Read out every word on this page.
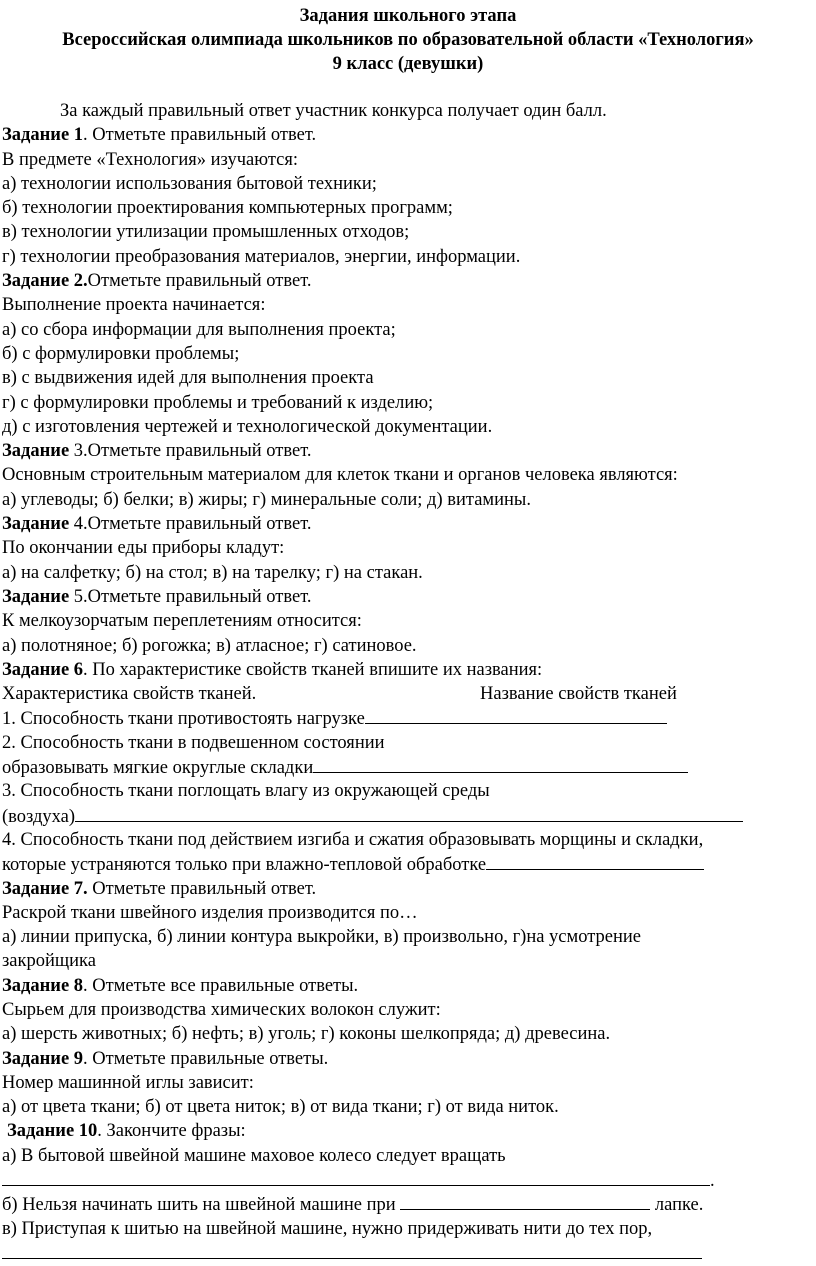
Задания школьного этапа
Всероссийская олимпиада школьников по образовательной области «Технология»
9 класс (девушки)
За каждый правильный ответ участник конкурса получает один балл.
Задание 1. Отметьте правильный ответ.
В предмете «Технология» изучаются:
а) технологии использования бытовой техники;
б) технологии проектирования компьютерных программ;
в) технологии утилизации промышленных отходов;
г) технологии преобразования материалов, энергии, информации.
Задание 2.Отметьте правильный ответ.
Выполнение проекта начинается:
а) со сбора информации для выполнения проекта;
б) с формулировки проблемы;
в) с выдвижения идей для выполнения проекта
г) с формулировки проблемы и требований к изделию;
д) с изготовления чертежей и технологической документации.
Задание 3.Отметьте правильный ответ.
Основным строительным материалом для клеток ткани и органов человека являются:
а) углеводы; б) белки; в) жиры; г) минеральные соли; д) витамины.
Задание 4.Отметьте правильный ответ.
По окончании еды приборы кладут:
а) на салфетку; б) на стол; в) на тарелку; г) на стакан.
Задание 5.Отметьте правильный ответ.
К мелкоузорчатым переплетениям относится:
а) полотняное; б) рогожка; в) атласное; г) сатиновое.
Задание 6. По характеристике свойств тканей впишите их названия:
Характеристика свойств тканей.	Название свойств тканей
1. Способность ткани противостоять нагрузке
2. Способность ткани в подвешенном состоянии
образовывать мягкие округлые складки
3. Способность ткани поглощать влагу из окружающей среды
(воздуха)
4. Способность ткани под действием изгиба и сжатия образовывать морщины и складки,
которые устраняются только при влажно-тепловой обработке
Задание 7. Отметьте правильный ответ.
Раскрой ткани швейного изделия производится по…
а) линии припуска, б) линии контура выкройки, в) произвольно, г)на усмотрение
закройщика
Задание 8. Отметьте все правильные ответы.
Сырьем для производства химических волокон служит:
а) шерсть животных; б) нефть; в) уголь; г) коконы шелкопряда; д) древесина.
Задание 9. Отметьте правильные ответы.
Номер машинной иглы зависит:
а) от цвета ткани; б) от цвета ниток; в) от вида ткани; г) от вида ниток.
Задание 10. Закончите фразы:
а) В бытовой швейной машине маховое колесо следует вращать
.
б) Нельзя начинать шить на швейной машине при	лапке.
в) Приступая к шитью на швейной машине, нужно придерживать нити до тех пор,
